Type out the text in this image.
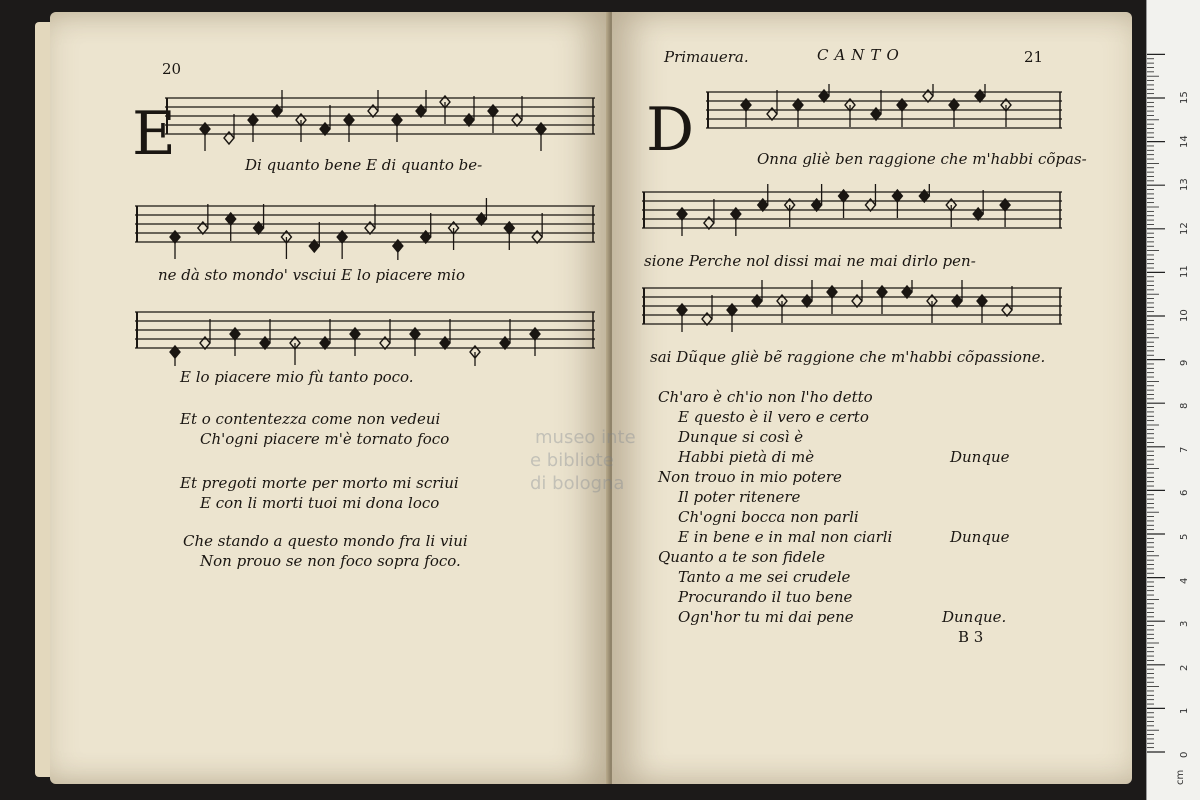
20
E	Di quanto bene E di quanto be-
ne dà sto mondo' vsciui E lo piacere mio
E lo piacere mio fù tanto poco.
Et o contentezza come non vedeui
Ch'ogni piacere m'è tornato foco
Et pregoti morte per morto mi scriui
E con li morti tuoi mi dona loco
Che stando a questo mondo fra li viui
Non prouo se non foco sopra foco.
Primauera.	CANTO	21
D	Onna gliè ben raggione che m'habbi cõpas-
sione Perche nol dissi mai ne mai dirlo pen-
sai Dũque gliè bẽ raggione che m'habbi cõpassione.
Ch'aro è ch'io non l'ho detto
E questo è il vero e certo
Dunque si così è
Habbi pietà di mè
Non trouo in mio potere
Il poter ritenere
Ch'ogni bocca non parli
E in bene e in mal non ciarli
Quanto a te son fidele
Tanto a me sei crudele
Procurando il tuo bene
Ogn'hor tu mi dai pene
Dunque
Dunque
Dunque.
B 3
museo inte
e bibliote
di bologna
0
1
2
3
4
5
6
7
8
9
10
11
12
13
14
15
cm
